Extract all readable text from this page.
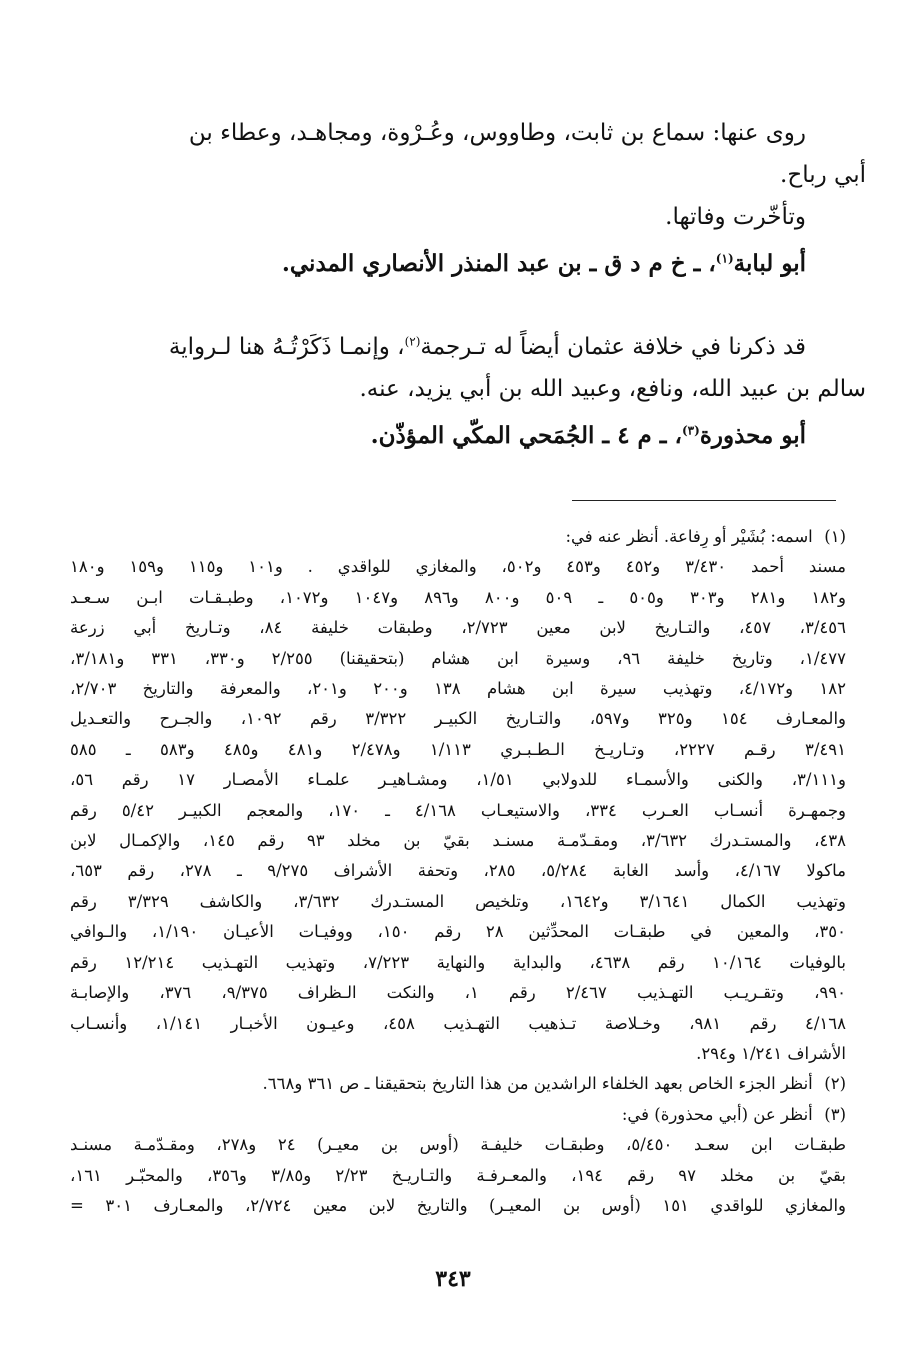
روى عنها: سماع بن ثابت، وطاووس، وعُـرْوة، ومجاهـد، وعطاء بن
أبي رباح.

وتأخّرت وفاتها.

أبو لبابة$^{(١)}$، ـ خ م د ق ـ بن عبد المنذر الأنصاري المدني.

قد ذكرنا في خلافة عثمان أيضاً له تـرجمة$^{(٢)}$، وإنمـا ذَكَرْتُـهُ هنا لـرواية
سالم بن عبيد الله، ونافع، وعبيد الله بن أبي يزيد، عنه.

أبو محذورة$^{(٣)}$، ـ م ٤ ـ الجُمَحي المكّي المؤذّن.

(١) اسمه: بُشَيْر أو رِفاعة. أنظر عنه في:

مسند أحمد ٣/٤٣٠ و٤٥٢ و٤٥٣ و٥٠٢، والمغازي للواقدي . و١٠١ و١١٥ و١٥٩ و١٨٠
و١٨٢ و٢٨١ و٣٠٣ و٥٠٥ ـ ٥٠٩ و٨٠٠ و٨٩٦ و١٠٤٧ و١٠٧٢، وطبـقـات ابـن سـعـد
٣/٤٥٦، ٤٥٧، والتـاريخ لابن معين ٢/٧٢٣، وطبقات خليفة ٨٤، وتـاريخ أبي زرعة
١/٤٧٧، وتاريخ خليفة ٩٦، وسيرة ابن هشام (بتحقيقنا) ٢/٢٥٥ و٣٣٠، ٣٣١ و٣/١٨١،
١٨٢ و٤/١٧٢، وتهذيب سيرة ابن هشام ١٣٨ و٢٠٠ و٢٠١، والمعرفة والتاريخ ٢/٧٠٣،
والمعـارف ١٥٤ و٣٢٥ و٥٩٧، والتـاريخ الكبيـر ٣/٣٢٢ رقم ١٠٩٢، والجـرح والتعـديل
٣/٤٩١ رقـم ٢٢٢٧، وتـاريـخ الـطـبـري ١/١١٣ و٢/٤٧٨ و٤٨١ و٤٨٥ و٥٨٣ ـ ٥٨٥
و٣/١١١، والكنى والأسمـاء للدولابي ١/٥١، ومشـاهيـر علمـاء الأمصـار ١٧ رقم ٥٦،
وجمهـرة أنسـاب العـرب ٣٣٤، والاستيعـاب ٤/١٦٨ ـ ١٧٠، والمعجم الكبيـر ٥/٤٢ رقم
٤٣٨، والمستـدرك ٣/٦٣٢، ومقـدّمـة مسنـد بقيّ بن مخلد ٩٣ رقم ١٤٥، والإكمـال لابن
ماكولا ٤/١٦٧، وأسد الغابة ٥/٢٨٤، ٢٨٥، وتحفة الأشراف ٩/٢٧٥ ـ ٢٧٨، رقم ٦٥٣،
وتهذيب الكمال ٣/١٦٤١ و١٦٤٢، وتلخيص المستـدرك ٣/٦٣٢، والكاشف ٣/٣٢٩ رقم
٣٥٠، والمعين في طبقـات المحدِّثين ٢٨ رقم ١٥٠، ووفيـات الأعيـان ١/١٩٠، والـوافي
بالوفيات ١٠/١٦٤ رقم ٤٦٣٨، والبداية والنهاية ٧/٢٢٣، وتهذيب التهـذيب ١٢/٢١٤ رقم
٩٩٠، وتقـريـب التهـذيب ٢/٤٦٧ رقم ١، والنكت الـظراف ٩/٣٧٥، ٣٧٦، والإصابـة
٤/١٦٨ رقم ٩٨١، وخـلاصة تـذهيب التهـذيب ٤٥٨، وعيـون الأخبـار ١/١٤١، وأنسـاب
الأشراف ١/٢٤١ و٢٩٤.

(٢) أنظر الجزء الخاص بعهد الخلفاء الراشدين من هذا التاريخ بتحقيقنا ـ ص ٣٦١ و٦٦٨.

(٣) أنظر عن (أبي محذورة) في:

طبقـات ابن سعـد ٥/٤٥٠، وطبقـات خليفـة (أوس بن معيـر) ٢٤ و٢٧٨، ومقـدّمـة مسنـد
بقيّ بن مخلد ٩٧ رقم ١٩٤، والمعـرفـة والتـاريـخ ٢/٢٣ و٣/٨٥ و٣٥٦، والمحبّـر ١٦١،
والمغازي للواقدي ١٥١ (أوس بن المعيـر) والتاريخ لابن معين ٢/٧٢٤، والمعـارف ٣٠١ =
٣٤٣
